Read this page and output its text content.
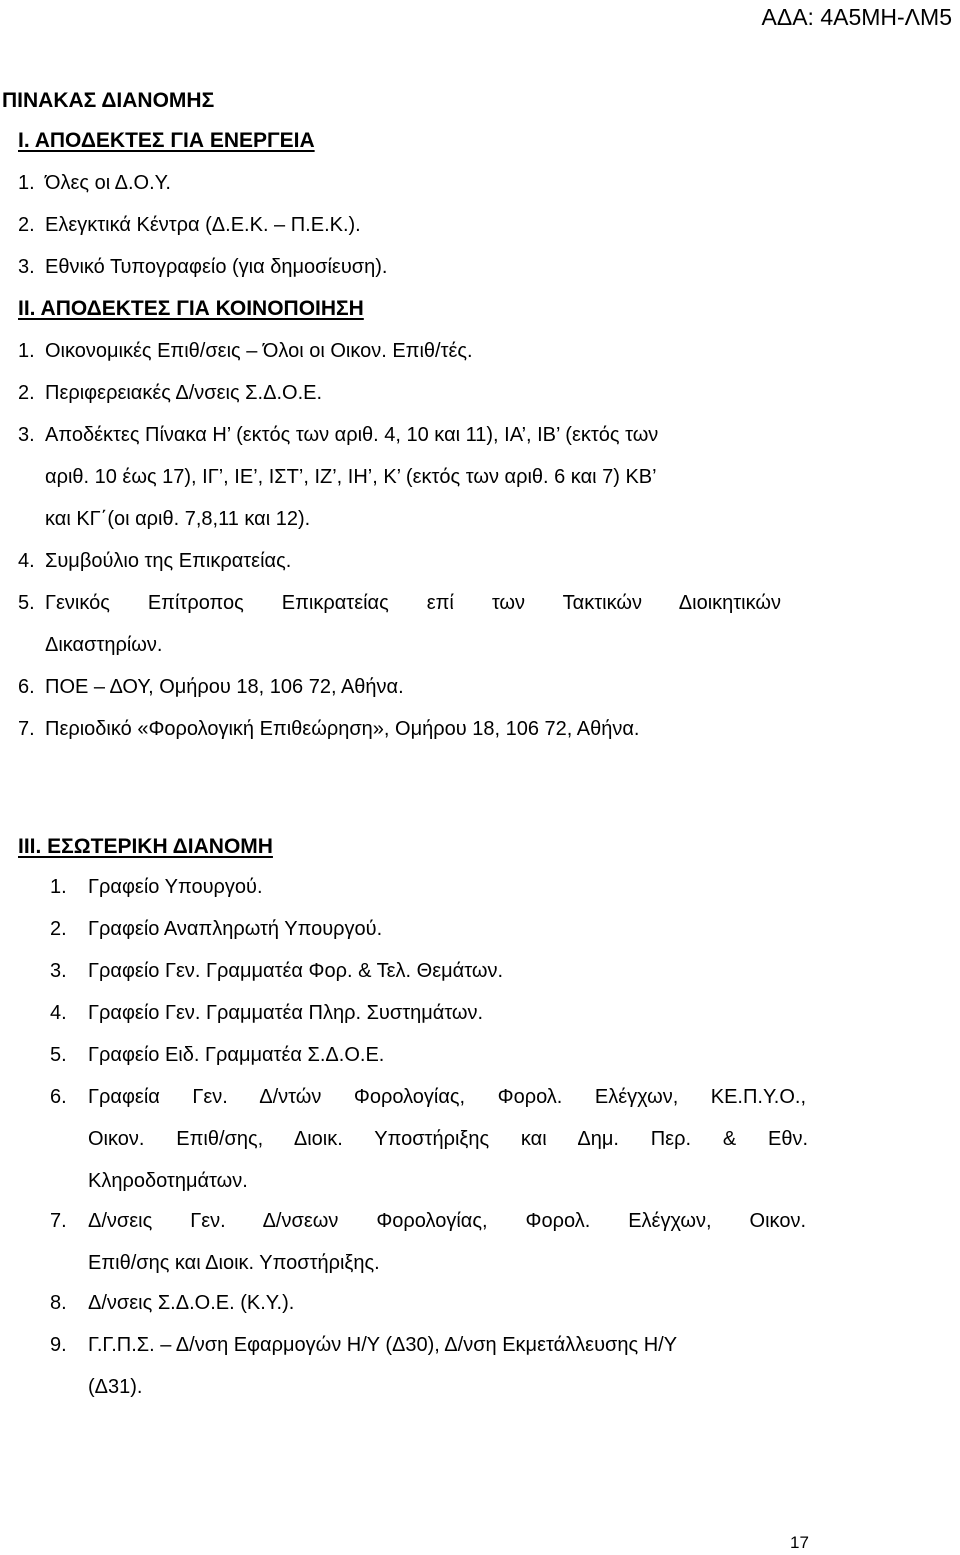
ΑΔΑ: 4Α5ΜΗ-ΛΜ5
ΠΙΝΑΚΑΣ ΔΙΑΝΟΜΗΣ
Ι. ΑΠΟΔΕΚΤΕΣ ΓΙΑ ΕΝΕΡΓΕΙΑ
1. Όλες οι Δ.Ο.Υ.
2. Ελεγκτικά Κέντρα (Δ.Ε.Κ. – Π.Ε.Κ.).
3. Εθνικό Τυπογραφείο (για δημοσίευση).
ΙΙ. ΑΠΟΔΕΚΤΕΣ ΓΙΑ ΚΟΙΝΟΠΟΙΗΣΗ
1. Οικονομικές Επιθ/σεις – Όλοι οι Οικον. Επιθ/τές.
2. Περιφερειακές Δ/νσεις Σ.Δ.Ο.Ε.
3. Αποδέκτες Πίνακα Η’ (εκτός των αριθ. 4, 10 και 11), ΙΑ’, ΙΒ’ (εκτός των
αριθ. 10 έως 17), ΙΓ’, ΙΕ’, ΙΣΤ’, ΙΖ’, ΙΗ’, Κ’ (εκτός των αριθ. 6 και 7) ΚΒ’
και ΚΓ΄(οι αριθ. 7,8,11 και 12).
4. Συμβούλιο της Επικρατείας.
5. Γενικός Επίτροπος Επικρατείας επί των Τακτικών Διοικητικών
Δικαστηρίων.
6. ΠΟΕ – ΔΟΥ, Ομήρου 18, 106 72, Αθήνα.
7. Περιοδικό «Φορολογική Επιθεώρηση», Ομήρου 18, 106 72, Αθήνα.
ΙΙΙ. ΕΣΩΤΕΡΙΚΗ ΔΙΑΝΟΜΗ
1. Γραφείο Υπουργού.
2. Γραφείο Αναπληρωτή Υπουργού.
3. Γραφείο Γεν. Γραμματέα Φορ. & Τελ. Θεμάτων.
4. Γραφείο Γεν. Γραμματέα Πληρ. Συστημάτων.
5. Γραφείο Ειδ. Γραμματέα Σ.Δ.Ο.Ε.
6. Γραφεία Γεν. Δ/ντών Φορολογίας, Φορολ. Ελέγχων, ΚΕ.Π.Υ.Ο.,
Οικον. Επιθ/σης, Διοικ. Υποστήριξης και Δημ. Περ. & Εθν.
Κληροδοτημάτων.
7. Δ/νσεις Γεν. Δ/νσεων Φορολογίας, Φορολ. Ελέγχων, Οικον.
Επιθ/σης και Διοικ. Υποστήριξης.
8. Δ/νσεις Σ.Δ.Ο.Ε. (Κ.Υ.).
9. Γ.Γ.Π.Σ. – Δ/νση Εφαρμογών Η/Υ (Δ30), Δ/νση Εκμετάλλευσης Η/Υ
(Δ31).
17
